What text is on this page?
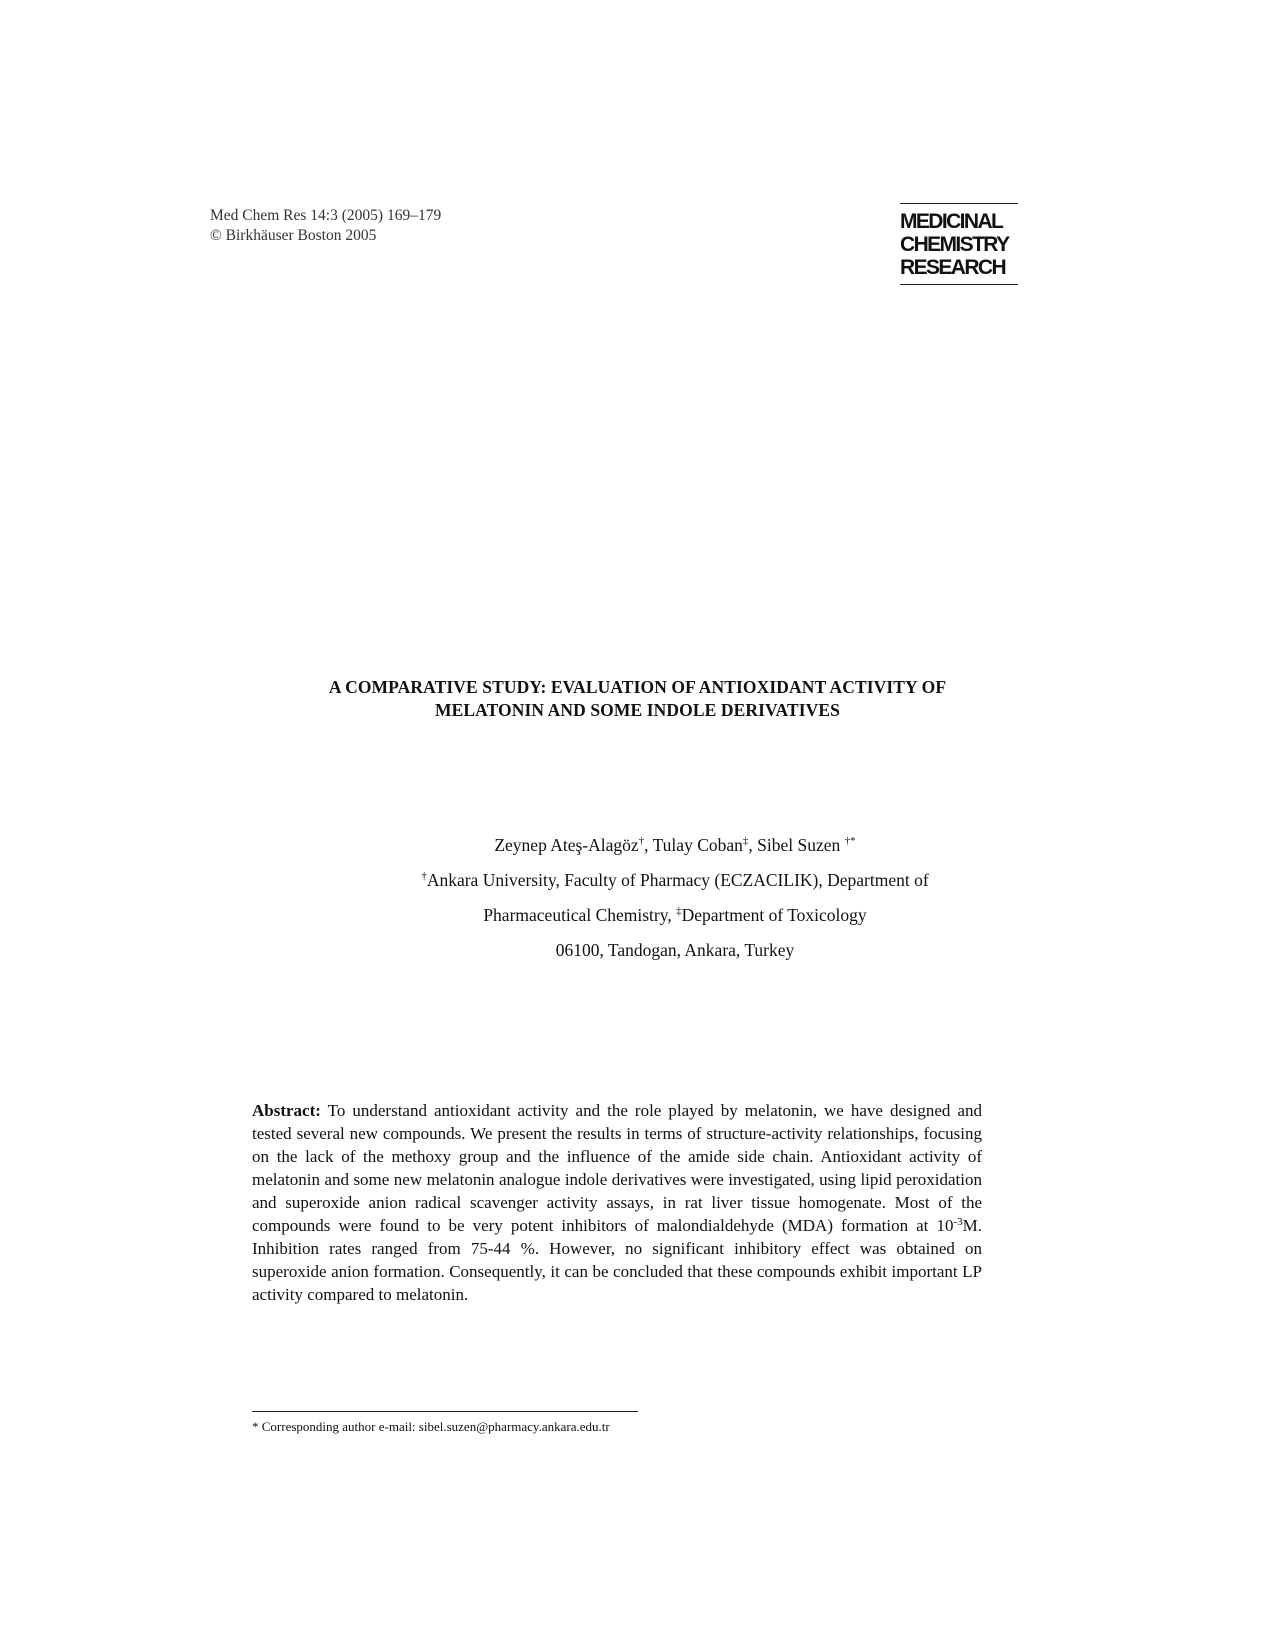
Med Chem Res 14:3 (2005) 169–179
© Birkhäuser Boston 2005
MEDICINAL
CHEMISTRY
RESEARCH
A COMPARATIVE STUDY: EVALUATION OF ANTIOXIDANT ACTIVITY OF
MELATONIN AND SOME INDOLE DERIVATIVES
Zeynep Ateş-Alagöz†, Tulay Coban‡, Sibel Suzen †*
†Ankara University, Faculty of Pharmacy (ECZACILIK), Department of
Pharmaceutical Chemistry, ‡Department of Toxicology
06100, Tandogan, Ankara, Turkey
Abstract: To understand antioxidant activity and the role played by melatonin, we have designed and tested several new compounds. We present the results in terms of structure-activity relationships, focusing on the lack of the methoxy group and the influence of the amide side chain. Antioxidant activity of melatonin and some new melatonin analogue indole derivatives were investigated, using lipid peroxidation and superoxide anion radical scavenger activity assays, in rat liver tissue homogenate. Most of the compounds were found to be very potent inhibitors of malondialdehyde (MDA) formation at $10^{-3}M$. Inhibition rates ranged from 75-44 %. However, no significant inhibitory effect was obtained on superoxide anion formation. Consequently, it can be concluded that these compounds exhibit important LP activity compared to melatonin.
* Corresponding author e-mail: sibel.suzen@pharmacy.ankara.edu.tr
